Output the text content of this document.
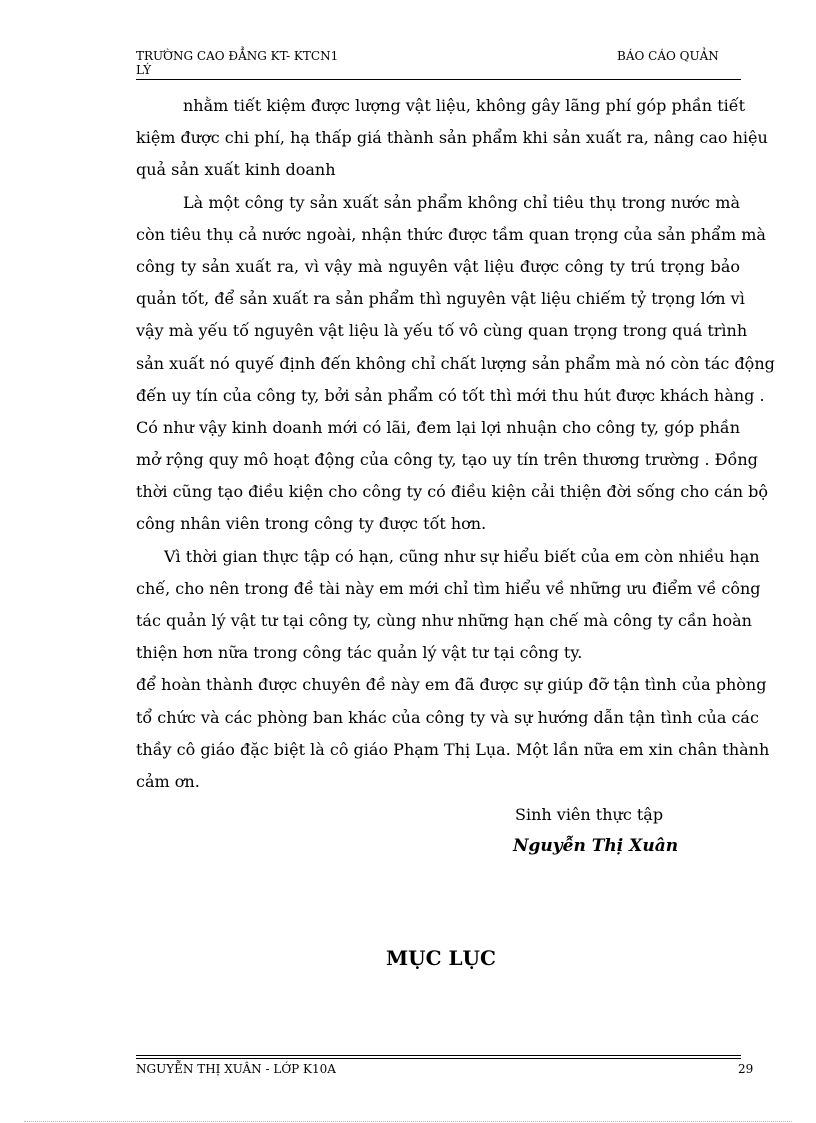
TRƯỜNG CAO ĐẲNG KT- KTCN1
LÝ
BÁO CÁO QUẢN
nhằm tiết kiệm được lượng vật liệu, không gây lãng phí góp phần tiết
kiệm được chi phí, hạ thấp giá thành sản phẩm khi sản xuất ra, nâng cao hiệu
quả sản xuất kinh doanh
Là một công ty sản xuất sản phẩm không chỉ tiêu thụ trong nước mà
còn tiêu thụ cả nước ngoài, nhận thức được tầm quan trọng của sản phẩm mà
công ty sản xuất ra, vì vậy mà nguyên vật liệu được công ty trú trọng bảo
quản tốt, để sản xuất ra sản phẩm thì nguyên vật liệu chiếm tỷ trọng lớn vì
vậy mà yếu tố nguyên vật liệu là yếu tố vô cùng quan trọng trong quá trình
sản xuất nó quyế định đến không chỉ chất lượng sản phẩm mà nó còn tác động
đến uy tín của công ty, bởi sản phẩm có tốt thì mới thu hút được khách hàng .
Có như vậy kinh doanh mới có lãi, đem lại lợi nhuận cho công ty, góp phần
mở rộng quy mô hoạt động của công ty, tạo uy tín trên thương trường . Đồng
thời cũng tạo điều kiện cho công ty có điều kiện cải thiện đời sống cho cán bộ
công nhân viên trong công ty được tốt hơn.
Vì thời gian thực tập có hạn, cũng như sự hiểu biết của em còn nhiều hạn
chế, cho nên trong đề tài này em mới chỉ tìm hiểu về những ưu điểm về công
tác quản lý vật tư tại công ty, cùng như những hạn chế mà công ty cần hoàn
thiện hơn nữa trong công tác quản lý vật tư tại công ty.
để hoàn thành được chuyên đề này em đã được sự giúp đỡ tận tình của phòng
tổ chức và các phòng ban khác của công ty và sự hướng dẫn tận tình của các
thầy cô giáo đặc biệt là cô giáo Phạm Thị Lụa. Một lần nữa em xin chân thành
cảm ơn.
Sinh viên thực tập
Nguyễn Thị Xuân
MỤC LỤC
NGUYỄN THỊ XUÂN - LỚP K10A	29
